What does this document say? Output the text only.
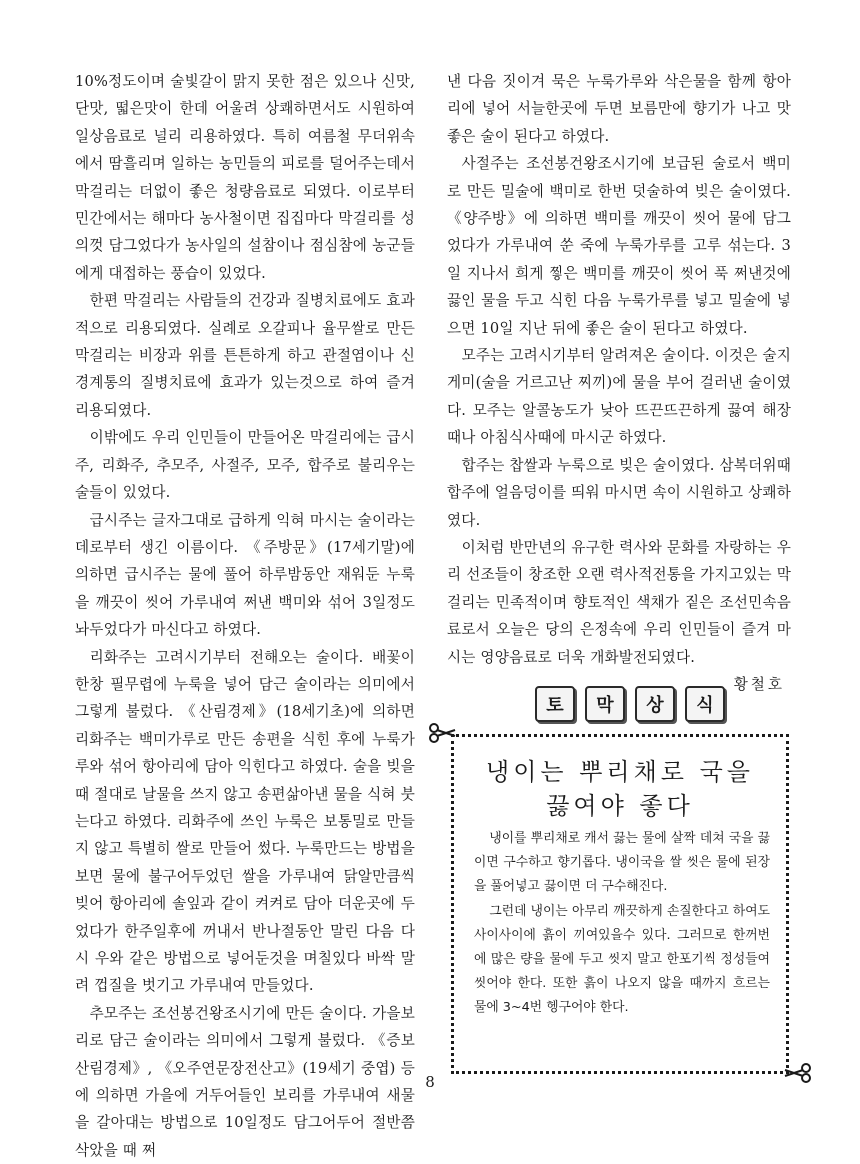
10%정도이며 술빛갈이 맑지 못한 점은 있으나 신맛, 단맛, 떫은맛이 한데 어울려 상쾌하면서도 시원하여 일상음료로 널리 리용하였다. 특히 여름철 무더위속에서 땀흘리며 일하는 농민들의 피로를 덜어주는데서 막걸리는 더없이 좋은 청량음료로 되였다. 이로부터 민간에서는 해마다 농사철이면 집집마다 막걸리를 성의껏 담그었다가 농사일의 설참이나 점심참에 농군들에게 대접하는 풍습이 있었다.

한편 막걸리는 사람들의 건강과 질병치료에도 효과적으로 리용되였다. 실례로 오갈피나 율무쌀로 만든 막걸리는 비장과 위를 튼튼하게 하고 관절염이나 신경계통의 질병치료에 효과가 있는것으로 하여 즐겨 리용되였다.

이밖에도 우리 인민들이 만들어온 막걸리에는 급시주, 리화주, 추모주, 사절주, 모주, 합주로 불리우는 술들이 있었다.

급시주는 글자그대로 급하게 익혀 마시는 술이라는데로부터 생긴 이름이다. 《주방문》(17세기말)에 의하면 급시주는 물에 풀어 하루밤동안 재워둔 누룩을 깨끗이 씻어 가루내여 쩌낸 백미와 섞어 3일정도 놔두었다가 마신다고 하였다.

리화주는 고려시기부터 전해오는 술이다. 배꽃이 한창 필무렵에 누룩을 넣어 담근 술이라는 의미에서 그렇게 불렀다. 《산림경제》(18세기초)에 의하면 리화주는 백미가루로 만든 송편을 식힌 후에 누룩가루와 섞어 항아리에 담아 익힌다고 하였다. 술을 빚을 때 절대로 날물을 쓰지 않고 송편삶아낸 물을 식혀 붓는다고 하였다. 리화주에 쓰인 누룩은 보통밀로 만들지 않고 특별히 쌀로 만들어 썼다. 누룩만드는 방법을 보면 물에 불구어두었던 쌀을 가루내여 닭알만큼씩 빚어 항아리에 솔잎과 같이 켜켜로 담아 더운곳에 두었다가 한주일후에 꺼내서 반나절동안 말린 다음 다시 우와 같은 방법으로 넣어둔것을 며칠있다 바싹 말려 껍질을 벗기고 가루내여 만들었다.

추모주는 조선봉건왕조시기에 만든 술이다. 가을보리로 담근 술이라는 의미에서 그렇게 불렀다. 《증보산림경제》, 《오주연문장전산고》(19세기 중엽) 등에 의하면 가을에 거두어들인 보리를 가루내여 새물을 갈아대는 방법으로 10일정도 담그어두어 절반쯤 삭았을 때 쩌

낸 다음 짓이겨 묵은 누룩가루와 삭은물을 함께 항아리에 넣어 서늘한곳에 두면 보름만에 향기가 나고 맛좋은 술이 된다고 하였다.

사절주는 조선봉건왕조시기에 보급된 술로서 백미로 만든 밀술에 백미로 한번 덧술하여 빚은 술이였다. 《양주방》에 의하면 백미를 깨끗이 씻어 물에 담그었다가 가루내여 쑨 죽에 누룩가루를 고루 섞는다. 3일 지나서 희게 찧은 백미를 깨끗이 씻어 푹 쩌낸것에 끓인 물을 두고 식힌 다음 누룩가루를 넣고 밀술에 넣으면 10일 지난 뒤에 좋은 술이 된다고 하였다.

모주는 고려시기부터 알려져온 술이다. 이것은 술지게미(술을 거르고난 찌끼)에 물을 부어 걸러낸 술이였다. 모주는 알콜농도가 낮아 뜨끈뜨끈하게 끓여 해장때나 아침식사때에 마시군 하였다.

합주는 찹쌀과 누룩으로 빚은 술이였다. 삼복더위때 합주에 얼음덩이를 띄워 마시면 속이 시원하고 상쾌하였다.

이처럼 반만년의 유구한 력사와 문화를 자랑하는 우리 선조들이 창조한 오랜 력사적전통을 가지고있는 막걸리는 민족적이며 향토적인 색채가 짙은 조선민속음료로서 오늘은 당의 은정속에 우리 인민들이 즐겨 마시는 영양음료로 더욱 개화발전되였다.

황철호

토	막	상	식
냉이는 뿌리채로 국을
끓여야 좋다

냉이를 뿌리채로 캐서 끓는 물에 살짝 데쳐 국을 끓이면 구수하고 향기롭다. 냉이국을 쌀 씻은 물에 된장을 풀어넣고 끓이면 더 구수해진다.

그런데 냉이는 아무리 깨끗하게 손질한다고 하여도 사이사이에 흙이 끼여있을수 있다. 그러므로 한꺼번에 많은 량을 물에 두고 씻지 말고 한포기씩 정성들여 씻어야 한다. 또한 흙이 나오지 않을 때까지 흐르는 물에 3~4번 헹구어야 한다.

8
